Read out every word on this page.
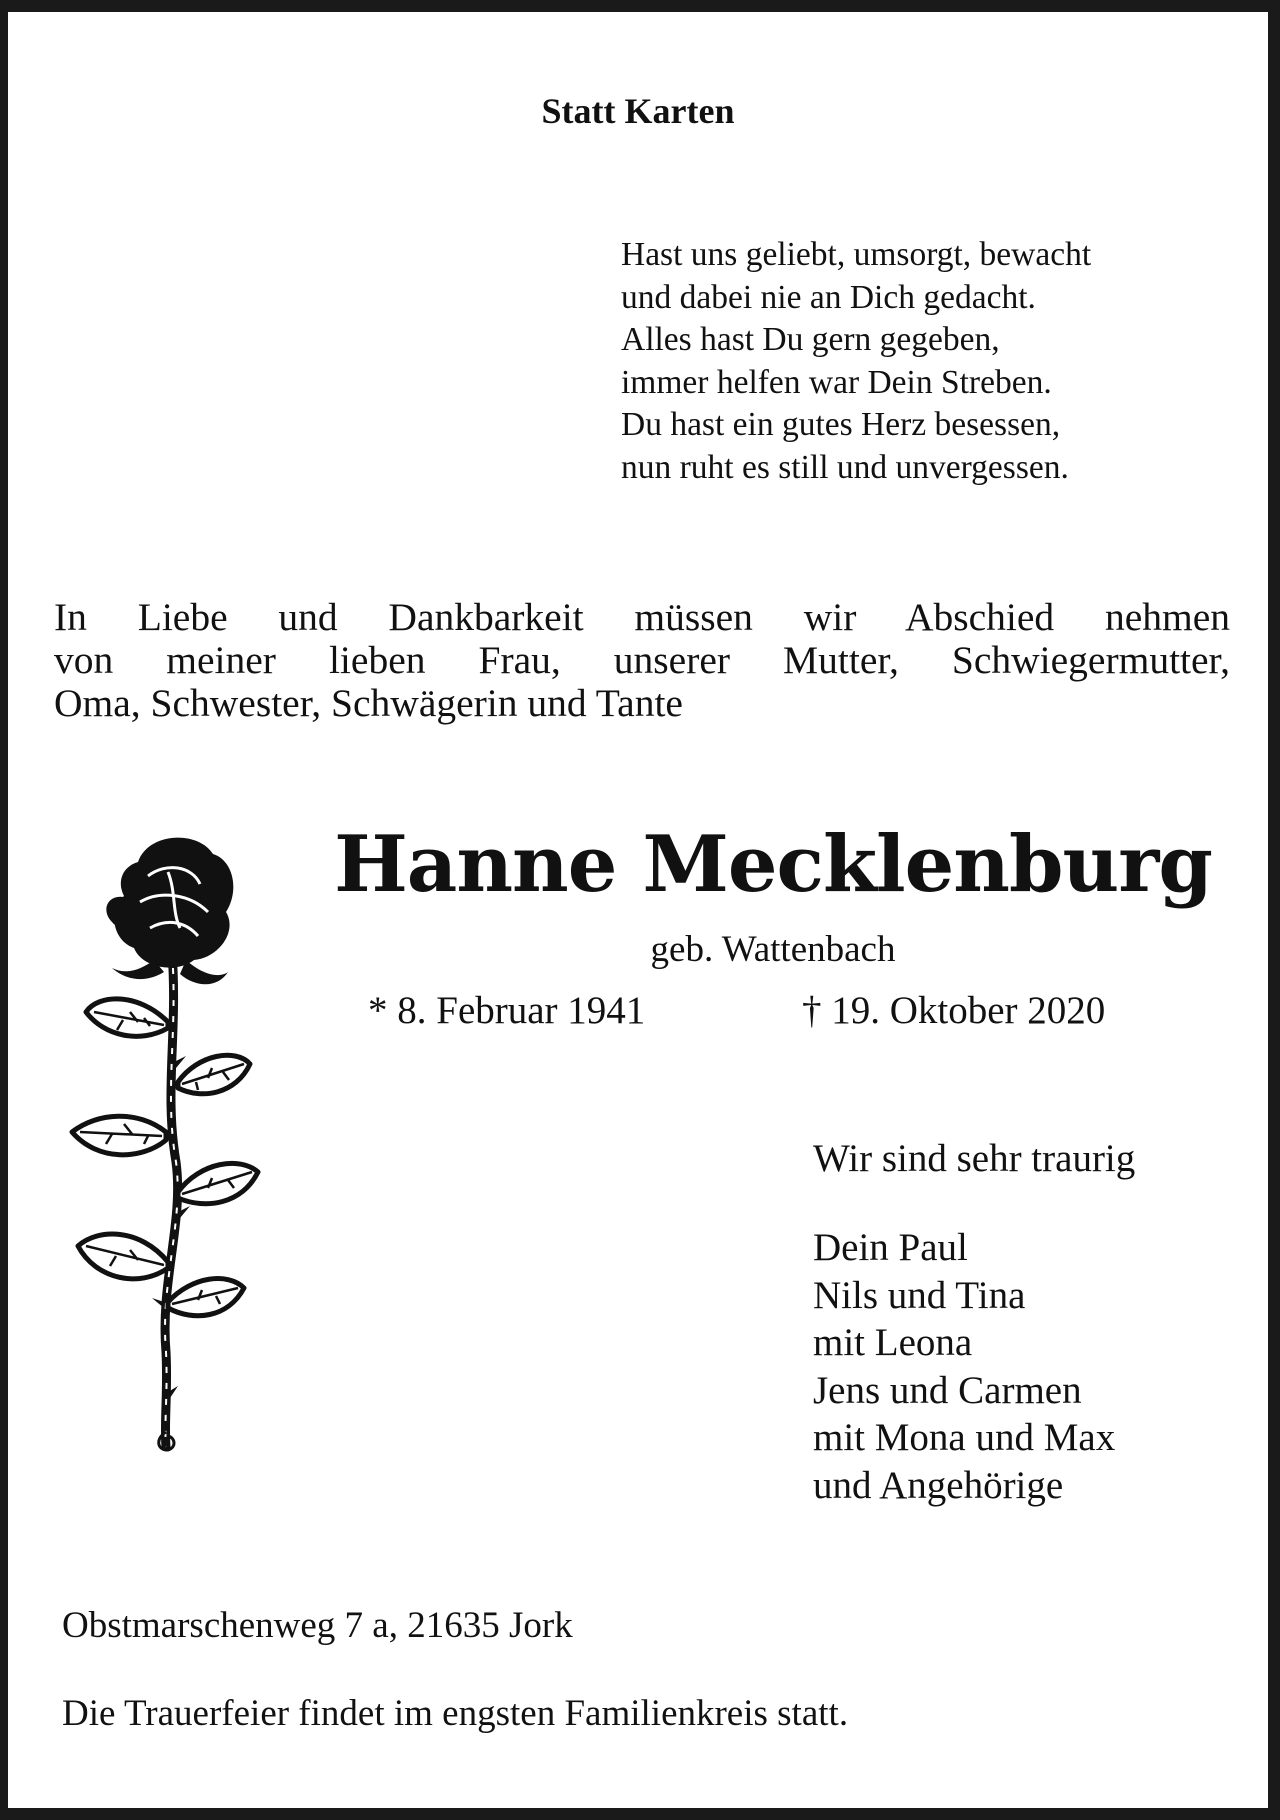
Statt Karten
Hast uns geliebt, umsorgt, bewacht
und dabei nie an Dich gedacht.
Alles hast Du gern gegeben,
immer helfen war Dein Streben.
Du hast ein gutes Herz besessen,
nun ruht es still und unvergessen.
In Liebe und Dankbarkeit müssen wir Abschied nehmen
von meiner lieben Frau, unserer Mutter, Schwiegermutter,
Oma, Schwester, Schwägerin und Tante
Hanne Mecklenburg
geb. Wattenbach
* 8. Februar 1941	† 19. Oktober 2020
Wir sind sehr traurig
Dein Paul
Nils und Tina
mit Leona
Jens und Carmen
mit Mona und Max
und Angehörige
Obstmarschenweg 7 a, 21635 Jork
Die Trauerfeier findet im engsten Familienkreis statt.
